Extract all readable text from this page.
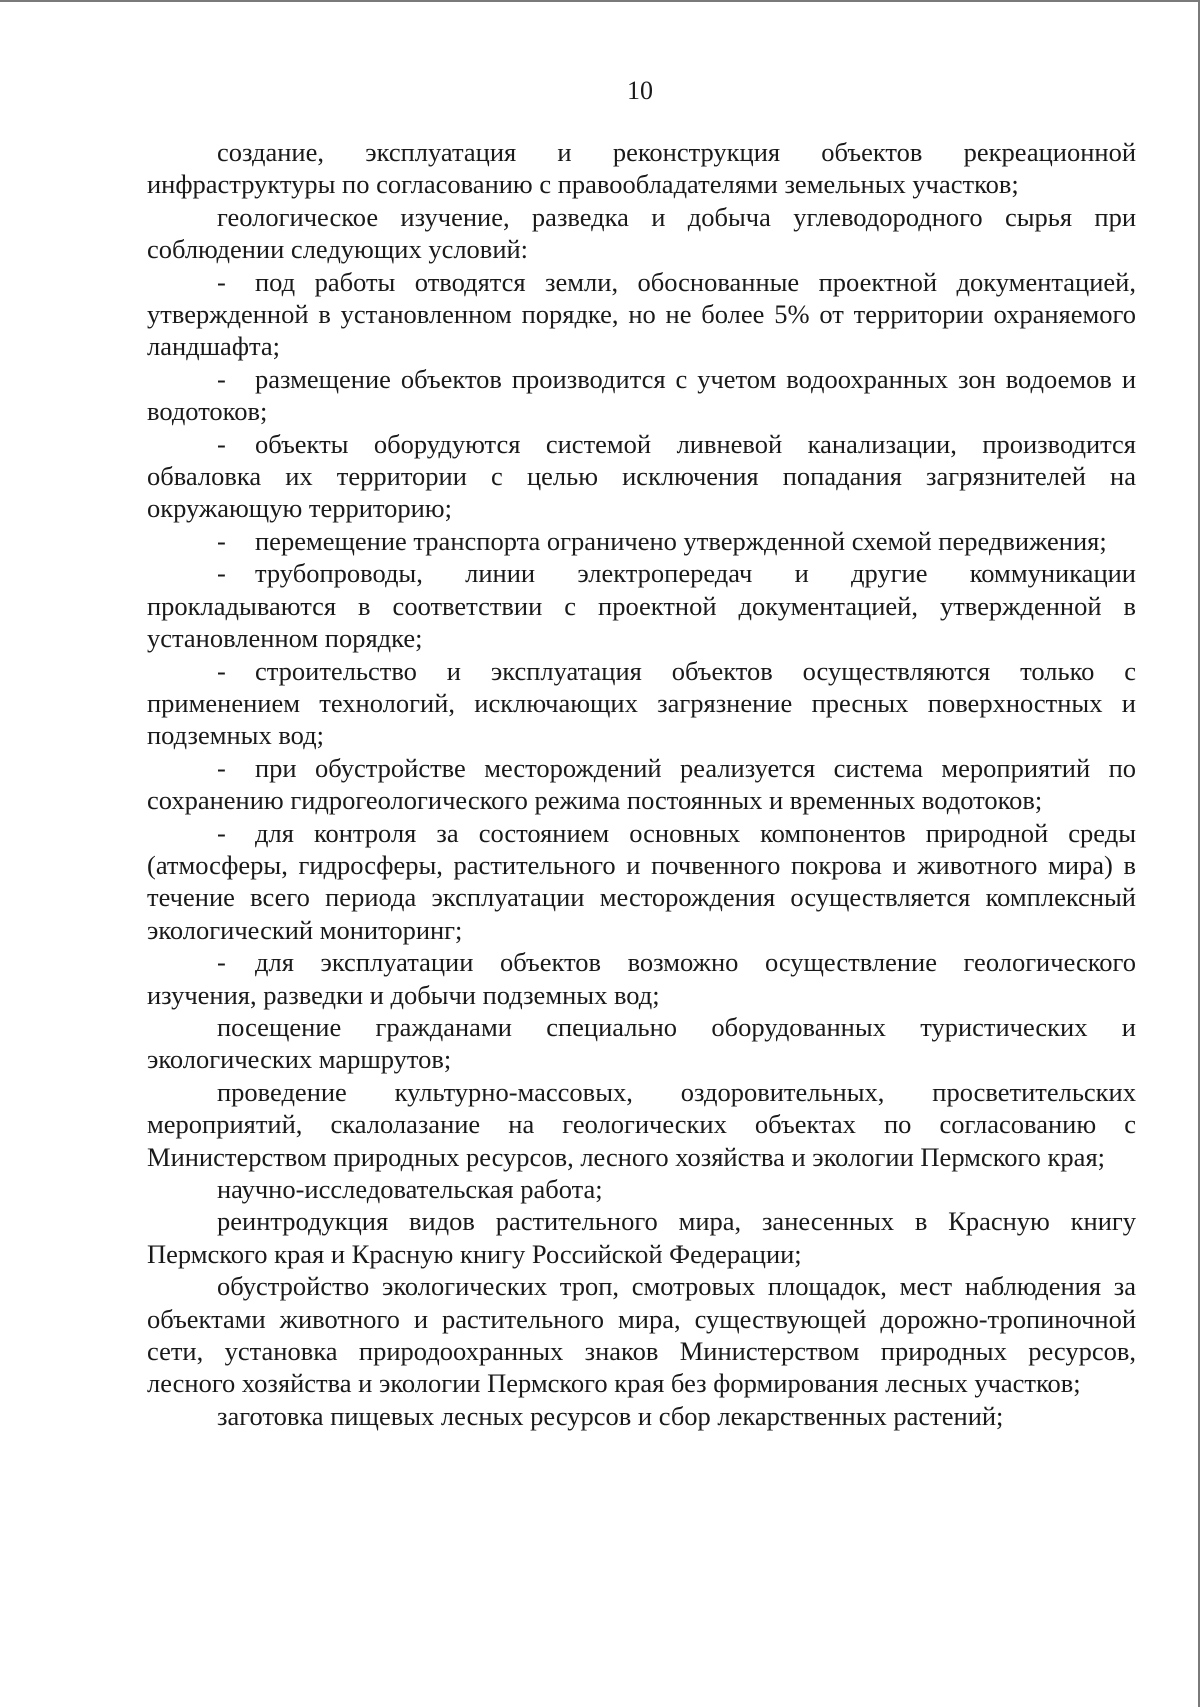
10

создание, эксплуатация и реконструкция объектов рекреационной инфраструктуры по согласованию с правообладателями земельных участков;

геологическое изучение, разведка и добыча углеводородного сырья при соблюдении следующих условий:

- под работы отводятся земли, обоснованные проектной документацией, утвержденной в установленном порядке, но не более 5% от территории охраняемого ландшафта;

- размещение объектов производится с учетом водоохранных зон водоемов и водотоков;

- объекты оборудуются системой ливневой канализации, производится обваловка их территории с целью исключения попадания загрязнителей на окружающую территорию;

- перемещение транспорта ограничено утвержденной схемой передвижения;

- трубопроводы, линии электропередач и другие коммуникации прокладываются в соответствии с проектной документацией, утвержденной в установленном порядке;

- строительство и эксплуатация объектов осуществляются только с применением технологий, исключающих загрязнение пресных поверхностных и подземных вод;

- при обустройстве месторождений реализуется система мероприятий по сохранению гидрогеологического режима постоянных и временных водотоков;

- для контроля за состоянием основных компонентов природной среды (атмосферы, гидросферы, растительного и почвенного покрова и животного мира) в течение всего периода эксплуатации месторождения осуществляется комплексный экологический мониторинг;

- для эксплуатации объектов возможно осуществление геологического изучения, разведки и добычи подземных вод;

посещение гражданами специально оборудованных туристических и экологических маршрутов;

проведение культурно-массовых, оздоровительных, просветительских мероприятий, скалолазание на геологических объектах по согласованию с Министерством природных ресурсов, лесного хозяйства и экологии Пермского края;

научно-исследовательская работа;

реинтродукция видов растительного мира, занесенных в Красную книгу Пермского края и Красную книгу Российской Федерации;

обустройство экологических троп, смотровых площадок, мест наблюдения за объектами животного и растительного мира, существующей дорожно-тропиночной сети, установка природоохранных знаков Министерством природных ресурсов, лесного хозяйства и экологии Пермского края без формирования лесных участков;

заготовка пищевых лесных ресурсов и сбор лекарственных растений;
